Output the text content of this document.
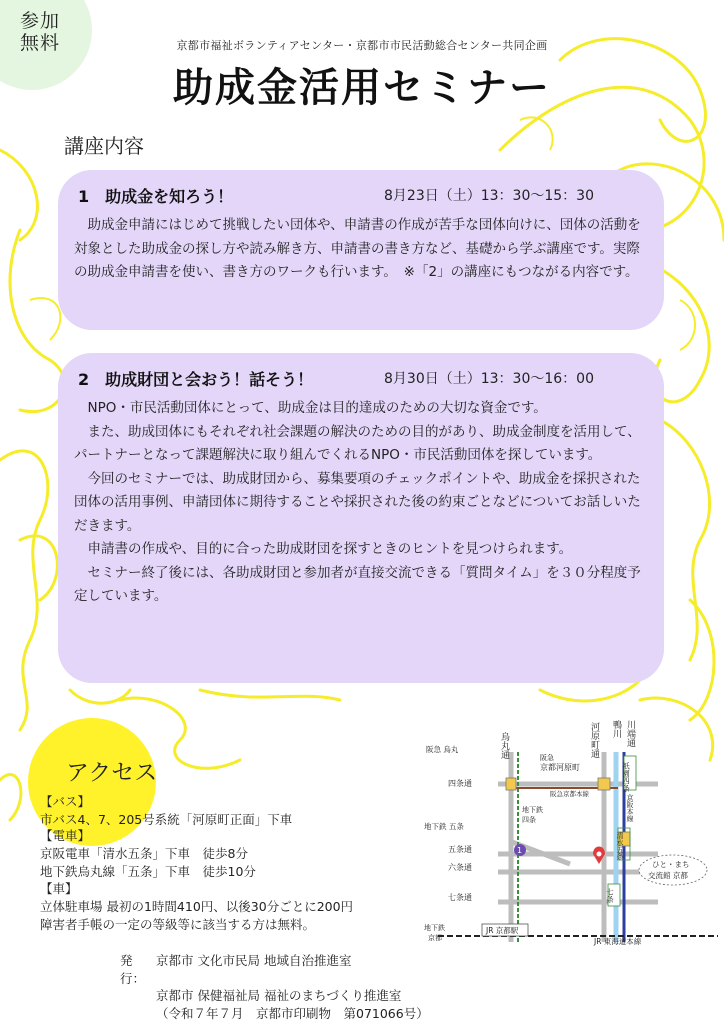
参加
無料	京都市福祉ボランティアセンター・京都市市民活動総合センター共同企画
助成金活用セミナー
講座内容
1 助成金を知ろう！	8月23日（土）13：30～15：30

助成金申請にはじめて挑戦したい団体や、申請書の作成が苦手な団体向けに、団体の活動を対象とした助成金の探し方や読み解き方、申請書の書き方など、基礎から学ぶ講座です。実際の助成金申請書を使い、書き方のワークも行います。　※「2」の講座にもつながる内容です。

2 助成財団と会おう！話そう！	8月30日（土）13：30～16：00

NPO・市民活動団体にとって、助成金は目的達成のための大切な資金です。

また、助成団体にもそれぞれ社会課題の解決のための目的があり、助成金制度を活用して、パートナーとなって課題解決に取り組んでくれるNPO・市民活動団体を探しています。

今回のセミナーでは、助成財団から、募集要項のチェックポイントや、助成金を採択された団体の活用事例、申請団体に期待することや採択された後の約束ごとなどについてお話しいただきます。

申請書の作成や、目的に合った助成財団を探すときのヒントを見つけられます。

セミナー終了後には、各助成財団と参加者が直接交流できる「質問タイム」を３０分程度予定しています。

アクセス
【バス】
市バス4、7、205号系統「河原町正面」下車
【電車】
京阪電車「清水五条」下車　徒歩8分
地下鉄烏丸線「五条」下車　徒歩10分
【車】
立体駐車場 最初の1時間410円、以後30分ごとに200円
障害者手帳の一定の等級等に該当する方は無料。
発行：
京都市 文化市民局 地域自治推進室
京都市 保健福祉局 福祉のまちづくり推進室
（令和７年７月　京都市印刷物　第071066号）
1
烏丸通	河原町通	川端通
鴨川
阪急 烏丸
阪急
京都河原町
阪急京都本線
四条通
地下鉄
四条
地下鉄 五条
五条通
六条通
七条通
地下鉄
京都
JR 京都駅
JR 東海道本線
祇園四条
京阪本線
清水五条
七条
ひと・まち
交流館 京都
